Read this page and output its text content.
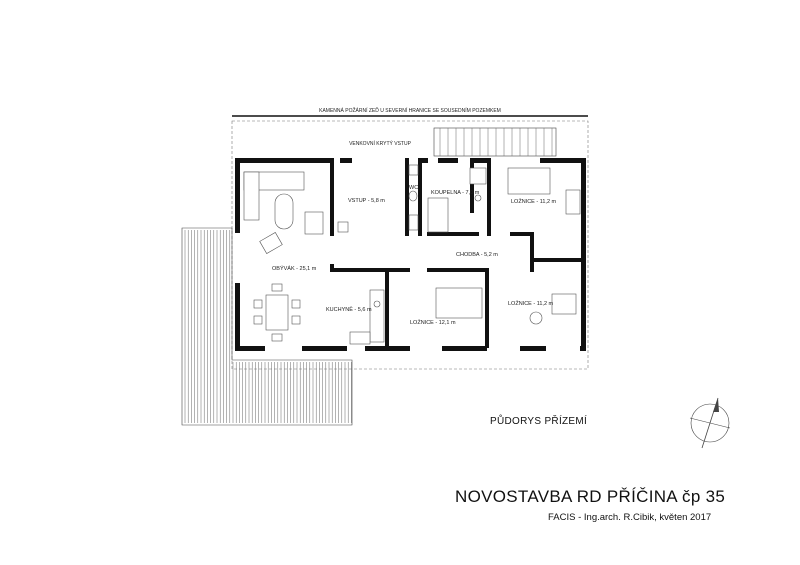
KAMENNÁ POŽÁRNÍ ZEĎ U SEVERNÍ HRANICE SE SOUSEDNÍM POZEMKEM
VENKOVNÍ KRYTÝ VSTUP
OBÝVÁK - 25,1 m
VSTUP - 5,8 m
WC
KOUPELNA - 7,0 m
LOŽNICE - 11,2 m
CHODBA - 5,2 m
KUCHYNĚ - 5,6 m
LOŽNICE - 12,1 m
LOŽNICE - 11,2 m
PŮDORYS PŘÍZEMÍ
NOVOSTAVBA RD PŘÍČINA čp 35
FACIS - Ing.arch. R.Cibik, květen 2017
